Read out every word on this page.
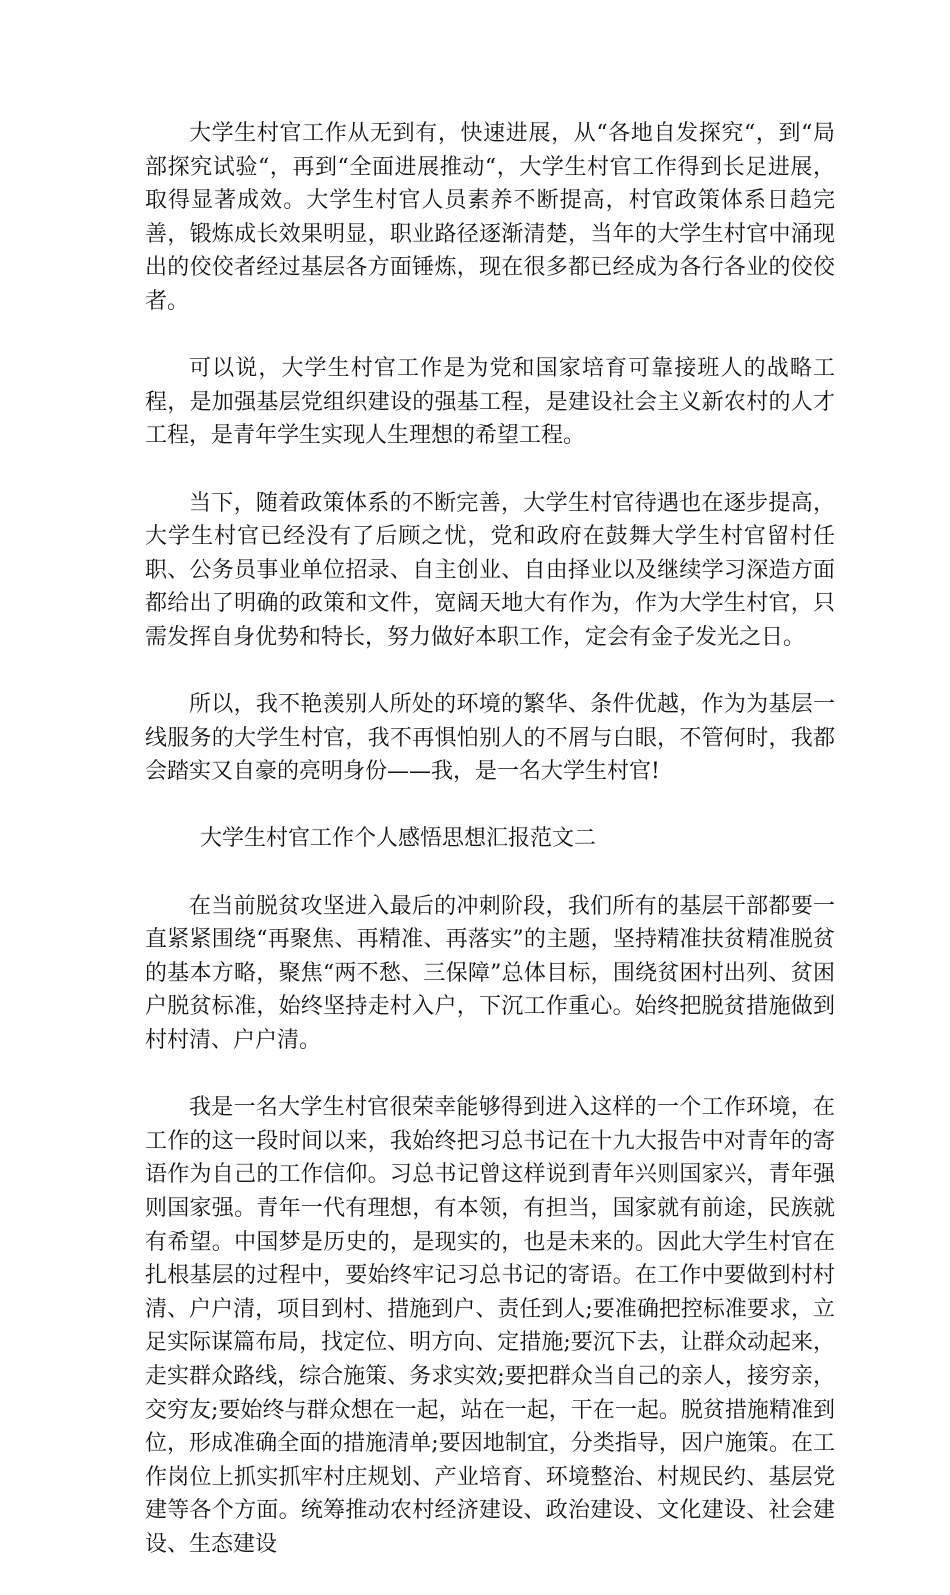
大学生村官工作从无到有，快速进展，从“各地自发探究“，到“局部探究试验“，再到“全面进展推动“，大学生村官工作得到长足进展，取得显著成效。大学生村官人员素养不断提高，村官政策体系日趋完善，锻炼成长效果明显，职业路径逐渐清楚，当年的大学生村官中涌现出的佼佼者经过基层各方面锤炼，现在很多都已经成为各行各业的佼佼者。

可以说，大学生村官工作是为党和国家培育可靠接班人的战略工程，是加强基层党组织建设的强基工程，是建设社会主义新农村的人才工程，是青年学生实现人生理想的希望工程。

当下，随着政策体系的不断完善，大学生村官待遇也在逐步提高，大学生村官已经没有了后顾之忧，党和政府在鼓舞大学生村官留村任职、公务员事业单位招录、自主创业、自由择业以及继续学习深造方面都给出了明确的政策和文件，宽阔天地大有作为，作为大学生村官，只需发挥自身优势和特长，努力做好本职工作，定会有金子发光之日。

所以，我不艳羡别人所处的环境的繁华、条件优越，作为为基层一线服务的大学生村官，我不再惧怕别人的不屑与白眼，不管何时，我都会踏实又自豪的亮明身份——我，是一名大学生村官!

大学生村官工作个人感悟思想汇报范文二

在当前脱贫攻坚进入最后的冲刺阶段，我们所有的基层干部都要一直紧紧围绕“再聚焦、再精准、再落实”的主题，坚持精准扶贫精准脱贫的基本方略，聚焦“两不愁、三保障”总体目标，围绕贫困村出列、贫困户脱贫标准，始终坚持走村入户，下沉工作重心。始终把脱贫措施做到村村清、户户清。

我是一名大学生村官很荣幸能够得到进入这样的一个工作环境，在工作的这一段时间以来，我始终把习总书记在十九大报告中对青年的寄语作为自己的工作信仰。习总书记曾这样说到青年兴则国家兴，青年强则国家强。青年一代有理想，有本领，有担当，国家就有前途，民族就有希望。中国梦是历史的，是现实的，也是未来的。因此大学生村官在扎根基层的过程中，要始终牢记习总书记的寄语。在工作中要做到村村清、户户清，项目到村、措施到户、责任到人;要准确把控标准要求，立足实际谋篇布局，找定位、明方向、定措施;要沉下去，让群众动起来，走实群众路线，综合施策、务求实效;要把群众当自己的亲人，接穷亲，交穷友;要始终与群众想在一起，站在一起，干在一起。脱贫措施精准到位，形成准确全面的措施清单;要因地制宜，分类指导，因户施策。在工作岗位上抓实抓牢村庄规划、产业培育、环境整治、村规民约、基层党建等各个方面。统筹推动农村经济建设、政治建设、文化建设、社会建设、生态建设
